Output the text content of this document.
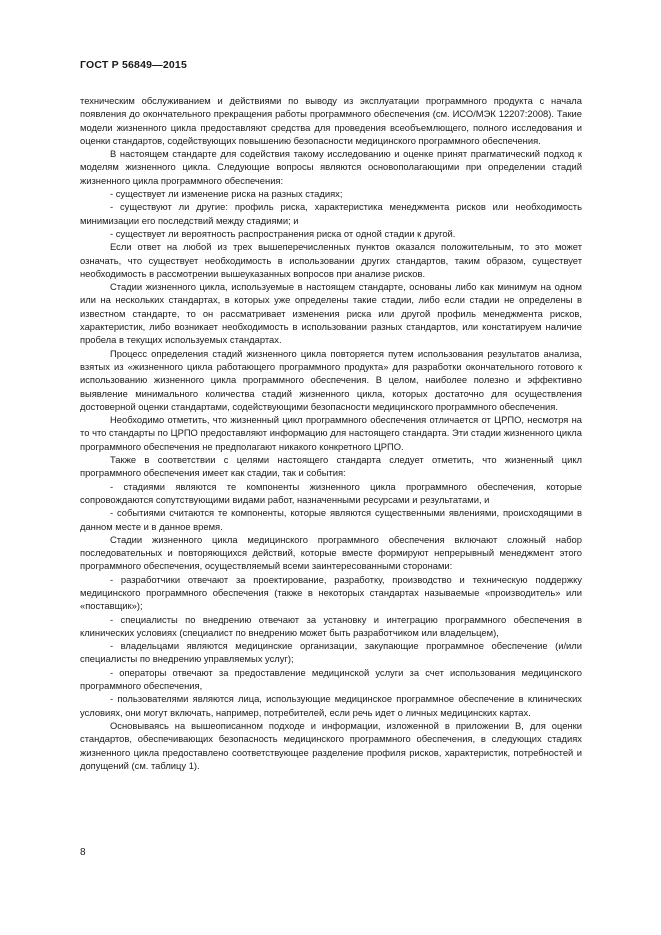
ГОСТ Р 56849—2015

техническим обслуживанием и действиями по выводу из эксплуатации программного продукта с начала появления до окончательного прекращения работы программного обеспечения (см. ИСО/МЭК 12207:2008). Такие модели жизненного цикла предоставляют средства для проведения всеобъемлющего, полного исследования и оценки стандартов, содействующих повышению безопасности медицинского программного обеспечения.

В настоящем стандарте для содействия такому исследованию и оценке принят прагматический подход к моделям жизненного цикла. Следующие вопросы являются основополагающими при определении стадий жизненного цикла программного обеспечения:

- существует ли изменение риска на разных стадиях;

- существуют ли другие: профиль риска, характеристика менеджмента рисков или необходимость минимизации его последствий между стадиями; и

- существует ли вероятность распространения риска от одной стадии к другой.

Если ответ на любой из трех вышеперечисленных пунктов оказался положительным, то это может означать, что существует необходимость в использовании других стандартов, таким образом, существует необходимость в рассмотрении вышеуказанных вопросов при анализе рисков.

Стадии жизненного цикла, используемые в настоящем стандарте, основаны либо как минимум на одном или на нескольких стандартах, в которых уже определены такие стадии, либо если стадии не определены в известном стандарте, то он рассматривает изменения риска или другой профиль менеджмента рисков, характеристик, либо возникает необходимость в использовании разных стандартов, или констатируем наличие пробела в текущих используемых стандартах.

Процесс определения стадий жизненного цикла повторяется путем использования результатов анализа, взятых из «жизненного цикла работающего программного продукта» для разработки окончательного готового к использованию жизненного цикла программного обеспечения. В целом, наиболее полезно и эффективно выявление минимального количества стадий жизненного цикла, которых достаточно для осуществления достоверной оценки стандартами, содействующими безопасности медицинского программного обеспечения.

Необходимо отметить, что жизненный цикл программного обеспечения отличается от ЦРПО, несмотря на то что стандарты по ЦРПО предоставляют информацию для настоящего стандарта. Эти стадии жизненного цикла программного обеспечения не предполагают никакого конкретного ЦРПО.

Также в соответствии с целями настоящего стандарта следует отметить, что жизненный цикл программного обеспечения имеет как стадии, так и события:

- стадиями являются те компоненты жизненного цикла программного обеспечения, которые сопровождаются сопутствующими видами работ, назначенными ресурсами и результатами, и

- событиями считаются те компоненты, которые являются существенными явлениями, происходящими в данном месте и в данное время.

Стадии жизненного цикла медицинского программного обеспечения включают сложный набор последовательных и повторяющихся действий, которые вместе формируют непрерывный менеджмент этого программного обеспечения, осуществляемый всеми заинтересованными сторонами:

- разработчики отвечают за проектирование, разработку, производство и техническую поддержку медицинского программного обеспечения (также в некоторых стандартах называемые «производитель» или «поставщик»);

- специалисты по внедрению отвечают за установку и интеграцию программного обеспечения в клинических условиях (специалист по внедрению может быть разработчиком или владельцем),

- владельцами являются медицинские организации, закупающие программное обеспечение (и/или специалисты по внедрению управляемых услуг);

- операторы отвечают за предоставление медицинской услуги за счет использования медицинского программного обеспечения,

- пользователями являются лица, использующие медицинское программное обеспечение в клинических условиях, они могут включать, например, потребителей, если речь идет о личных медицинских картах.

Основываясь на вышеописанном подходе и информации, изложенной в приложении В, для оценки стандартов, обеспечивающих безопасность медицинского программного обеспечения, в следующих стадиях жизненного цикла предоставлено соответствующее разделение профиля рисков, характеристик, потребностей и допущений (см. таблицу 1).

8
